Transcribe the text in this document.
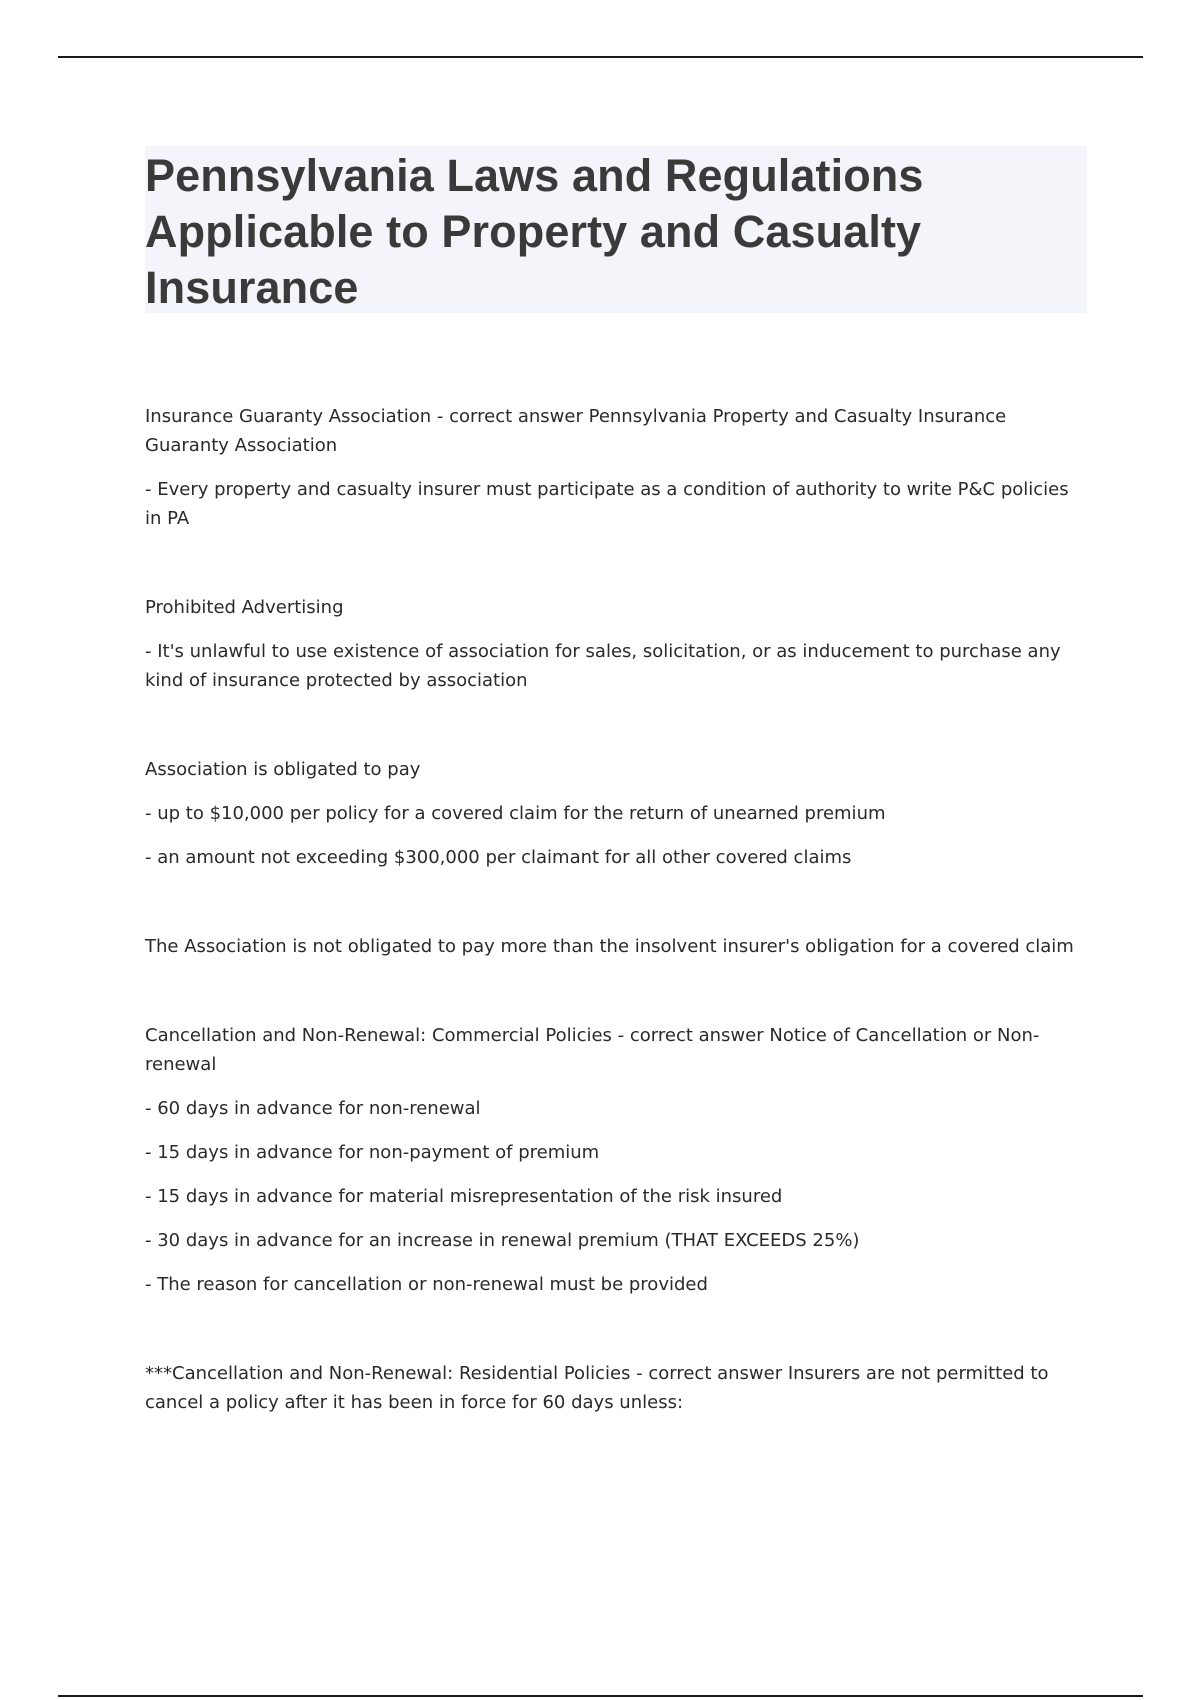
Pennsylvania Laws and Regulations Applicable to Property and Casualty Insurance

Insurance Guaranty Association - correct answer Pennsylvania Property and Casualty Insurance Guaranty Association

- Every property and casualty insurer must participate as a condition of authority to write P&C policies in PA

Prohibited Advertising

- It's unlawful to use existence of association for sales, solicitation, or as inducement to purchase any kind of insurance protected by association

Association is obligated to pay

- up to $10,000 per policy for a covered claim for the return of unearned premium

- an amount not exceeding $300,000 per claimant for all other covered claims

The Association is not obligated to pay more than the insolvent insurer's obligation for a covered claim

Cancellation and Non-Renewal: Commercial Policies - correct answer Notice of Cancellation or Non-renewal

- 60 days in advance for non-renewal

- 15 days in advance for non-payment of premium

- 15 days in advance for material misrepresentation of the risk insured

- 30 days in advance for an increase in renewal premium (THAT EXCEEDS 25%)

- The reason for cancellation or non-renewal must be provided

***Cancellation and Non-Renewal: Residential Policies - correct answer Insurers are not permitted to cancel a policy after it has been in force for 60 days unless:
